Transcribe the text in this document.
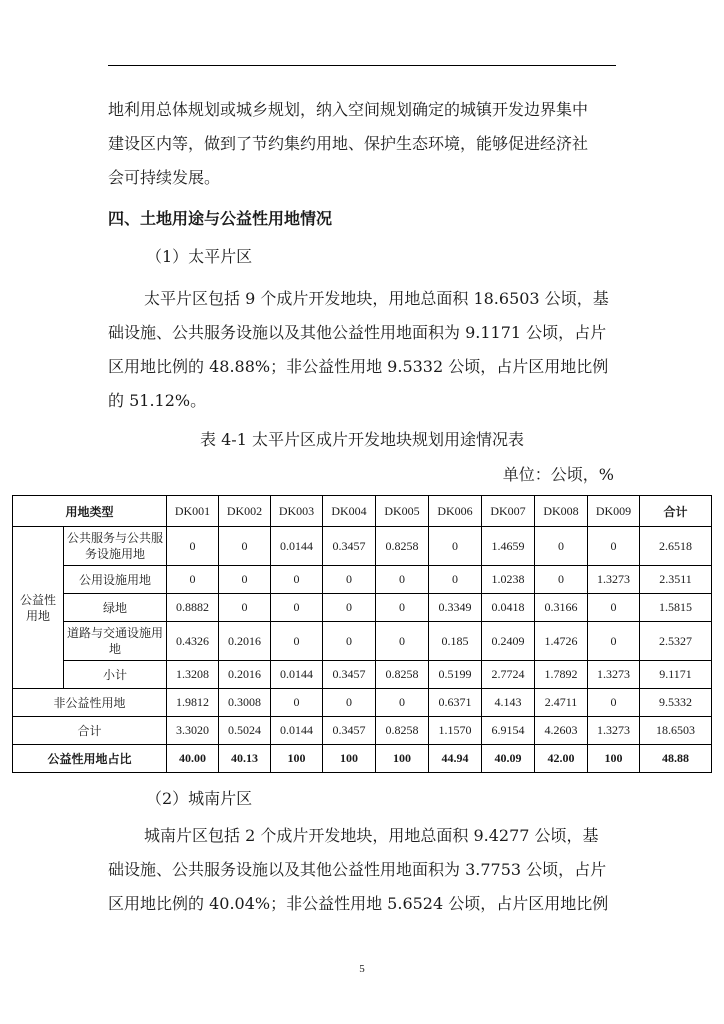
地利用总体规划或城乡规划，纳入空间规划确定的城镇开发边界集中
建设区内等，做到了节约集约用地、保护生态环境，能够促进经济社
会可持续发展。
四、土地用途与公益性用地情况
（1）太平片区
太平片区包括 9 个成片开发地块，用地总面积 18.6503 公顷，基
础设施、公共服务设施以及其他公益性用地面积为 9.1171 公顷，占片
区用地比例的 48.88%；非公益性用地 9.5332 公顷，占片区用地比例
的 51.12%。
表 4-1 太平片区成片开发地块规划用途情况表
单位：公顷，%
用地类型		DK001	DK002	DK003	DK004	DK005	DK006	DK007	DK008	DK009	合计
公益性用地	公共服务与公共服务设施用地	0	0	0.0144	0.3457	0.8258	0	1.4659	0	0	2.6518
	公用设施用地	0	0	0	0	0	0	1.0238	0	1.3273	2.3511
	绿地	0.8882	0	0	0	0	0.3349	0.0418	0.3166	0	1.5815
	道路与交通设施用地	0.4326	0.2016	0	0	0	0.185	0.2409	1.4726	0	2.5327
	小计	1.3208	0.2016	0.0144	0.3457	0.8258	0.5199	2.7724	1.7892	1.3273	9.1171
非公益性用地		1.9812	0.3008	0	0	0	0.6371	4.143	2.4711	0	9.5332
合计		3.3020	0.5024	0.0144	0.3457	0.8258	1.1570	6.9154	4.2603	1.3273	18.6503
公益性用地占比		40.00	40.13	100	100	100	44.94	40.09	42.00	100	48.88
（2）城南片区
城南片区包括 2 个成片开发地块，用地总面积 9.4277 公顷，基
础设施、公共服务设施以及其他公益性用地面积为 3.7753 公顷，占片
区用地比例的 40.04%；非公益性用地 5.6524 公顷，占片区用地比例
5
